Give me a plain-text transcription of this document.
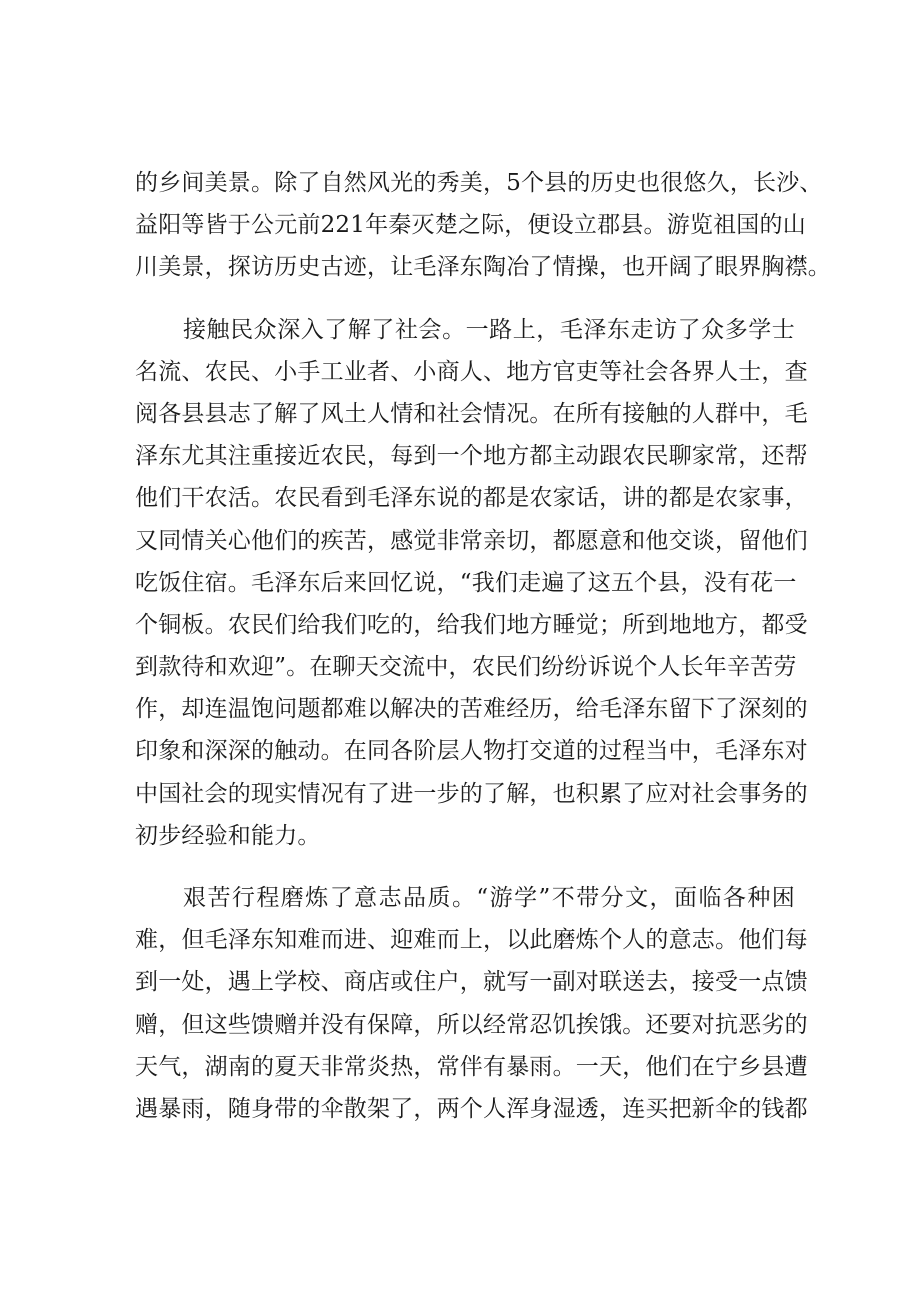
的乡间美景。除了自然风光的秀美，5个县的历史也很悠久，长沙、
益阳等皆于公元前221年秦灭楚之际，便设立郡县。游览祖国的山
川美景，探访历史古迹，让毛泽东陶冶了情操，也开阔了眼界胸襟。
接触民众深入了解了社会。一路上，毛泽东走访了众多学士
名流、农民、小手工业者、小商人、地方官吏等社会各界人士，查
阅各县县志了解了风土人情和社会情况。在所有接触的人群中，毛
泽东尤其注重接近农民，每到一个地方都主动跟农民聊家常，还帮
他们干农活。农民看到毛泽东说的都是农家话，讲的都是农家事，
又同情关心他们的疾苦，感觉非常亲切，都愿意和他交谈，留他们
吃饭住宿。毛泽东后来回忆说，“我们走遍了这五个县，没有花一
个铜板。农民们给我们吃的，给我们地方睡觉；所到地地方，都受
到款待和欢迎”。在聊天交流中，农民们纷纷诉说个人长年辛苦劳
作，却连温饱问题都难以解决的苦难经历，给毛泽东留下了深刻的
印象和深深的触动。在同各阶层人物打交道的过程当中，毛泽东对
中国社会的现实情况有了进一步的了解，也积累了应对社会事务的
初步经验和能力。
艰苦行程磨炼了意志品质。“游学”不带分文，面临各种困
难，但毛泽东知难而进、迎难而上，以此磨炼个人的意志。他们每
到一处，遇上学校、商店或住户，就写一副对联送去，接受一点馈
赠，但这些馈赠并没有保障，所以经常忍饥挨饿。还要对抗恶劣的
天气，湖南的夏天非常炎热，常伴有暴雨。一天，他们在宁乡县遭
遇暴雨，随身带的伞散架了，两个人浑身湿透，连买把新伞的钱都
